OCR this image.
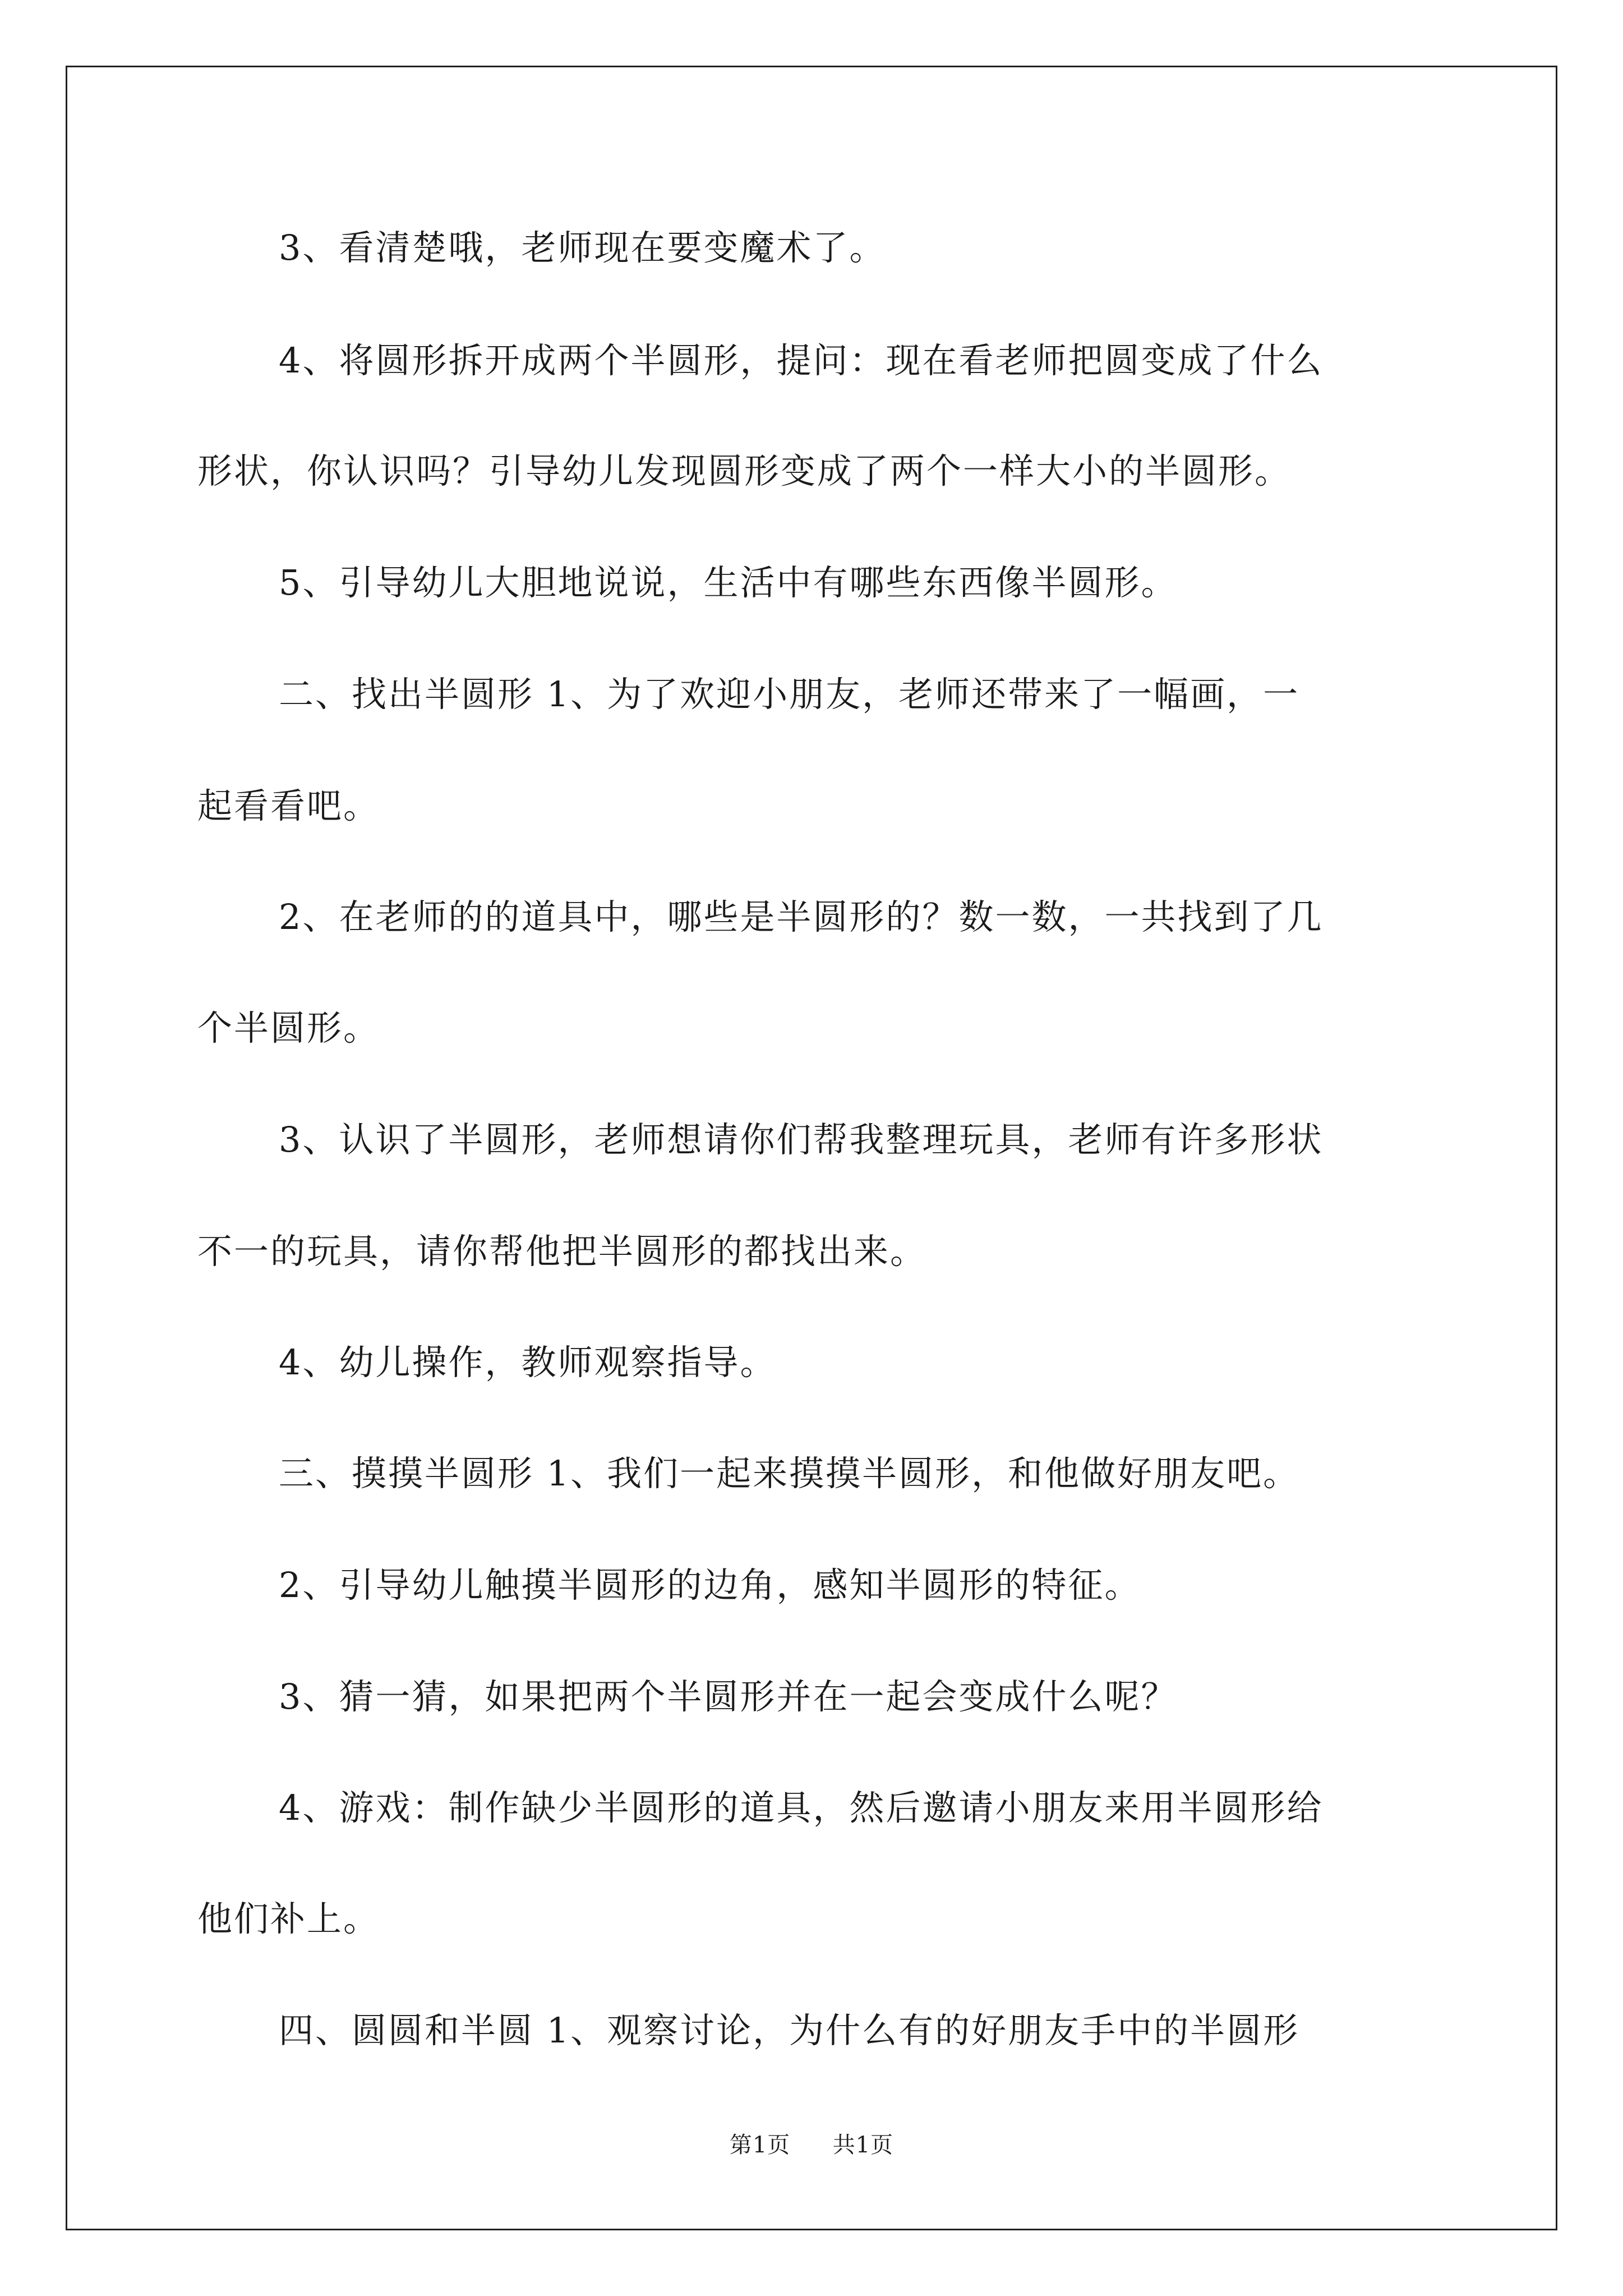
3、看清楚哦，老师现在要变魔术了。
4、将圆形拆开成两个半圆形，提问：现在看老师把圆变成了什么
形状，你认识吗？引导幼儿发现圆形变成了两个一样大小的半圆形。
5、引导幼儿大胆地说说，生活中有哪些东西像半圆形。
二、找出半圆形 1、为了欢迎小朋友，老师还带来了一幅画，一
起看看吧。
2、在老师的的道具中，哪些是半圆形的？数一数，一共找到了几
个半圆形。
3、认识了半圆形，老师想请你们帮我整理玩具，老师有许多形状
不一的玩具，请你帮他把半圆形的都找出来。
4、幼儿操作，教师观察指导。
三、摸摸半圆形 1、我们一起来摸摸半圆形，和他做好朋友吧。
2、引导幼儿触摸半圆形的边角，感知半圆形的特征。
3、猜一猜，如果把两个半圆形并在一起会变成什么呢？
4、游戏：制作缺少半圆形的道具，然后邀请小朋友来用半圆形给
他们补上。
四、圆圆和半圆 1、观察讨论，为什么有的好朋友手中的半圆形
第1页 共1页
